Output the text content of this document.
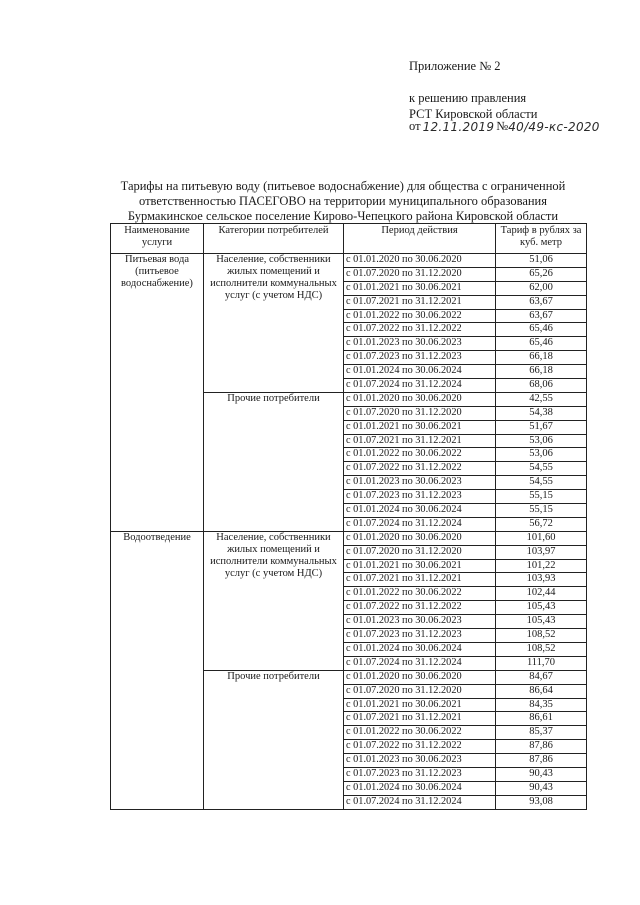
Приложение № 2
к решению правления
РСТ Кировской области
от 12.11.2019 № 40/49-кс-2020
Тарифы на питьевую воду (питьевое водоснабжение) для общества с ограниченной
ответственностью ПАСЕГОВО на территории муниципального образования
Бурмакинское сельское поселение Кирово-Чепецкого района Кировской области
Наименование услуги	Категории потребителей	Период действия	Тариф в рублях за куб. метр
Питьевая вода (питьевое водоснабжение)	Население, собственники жилых помещений и исполнители коммунальных услуг (с учетом НДС)	с 01.01.2020 по 30.06.2020	51,06
		с 01.07.2020 по 31.12.2020	65,26
		с 01.01.2021 по 30.06.2021	62,00
		с 01.07.2021 по 31.12.2021	63,67
		с 01.01.2022 по 30.06.2022	63,67
		с 01.07.2022 по 31.12.2022	65,46
		с 01.01.2023 по 30.06.2023	65,46
		с 01.07.2023 по 31.12.2023	66,18
		с 01.01.2024 по 30.06.2024	66,18
		с 01.07.2024 по 31.12.2024	68,06
	Прочие потребители	с 01.01.2020 по 30.06.2020	42,55
		с 01.07.2020 по 31.12.2020	54,38
		с 01.01.2021 по 30.06.2021	51,67
		с 01.07.2021 по 31.12.2021	53,06
		с 01.01.2022 по 30.06.2022	53,06
		с 01.07.2022 по 31.12.2022	54,55
		с 01.01.2023 по 30.06.2023	54,55
		с 01.07.2023 по 31.12.2023	55,15
		с 01.01.2024 по 30.06.2024	55,15
		с 01.07.2024 по 31.12.2024	56,72
Водоотведение	Население, собственники жилых помещений и исполнители коммунальных услуг (с учетом НДС)	с 01.01.2020 по 30.06.2020	101,60
		с 01.07.2020 по 31.12.2020	103,97
		с 01.01.2021 по 30.06.2021	101,22
		с 01.07.2021 по 31.12.2021	103,93
		с 01.01.2022 по 30.06.2022	102,44
		с 01.07.2022 по 31.12.2022	105,43
		с 01.01.2023 по 30.06.2023	105,43
		с 01.07.2023 по 31.12.2023	108,52
		с 01.01.2024 по 30.06.2024	108,52
		с 01.07.2024 по 31.12.2024	111,70
	Прочие потребители	с 01.01.2020 по 30.06.2020	84,67
		с 01.07.2020 по 31.12.2020	86,64
		с 01.01.2021 по 30.06.2021	84,35
		с 01.07.2021 по 31.12.2021	86,61
		с 01.01.2022 по 30.06.2022	85,37
		с 01.07.2022 по 31.12.2022	87,86
		с 01.01.2023 по 30.06.2023	87,86
		с 01.07.2023 по 31.12.2023	90,43
		с 01.01.2024 по 30.06.2024	90,43
		с 01.07.2024 по 31.12.2024	93,08
